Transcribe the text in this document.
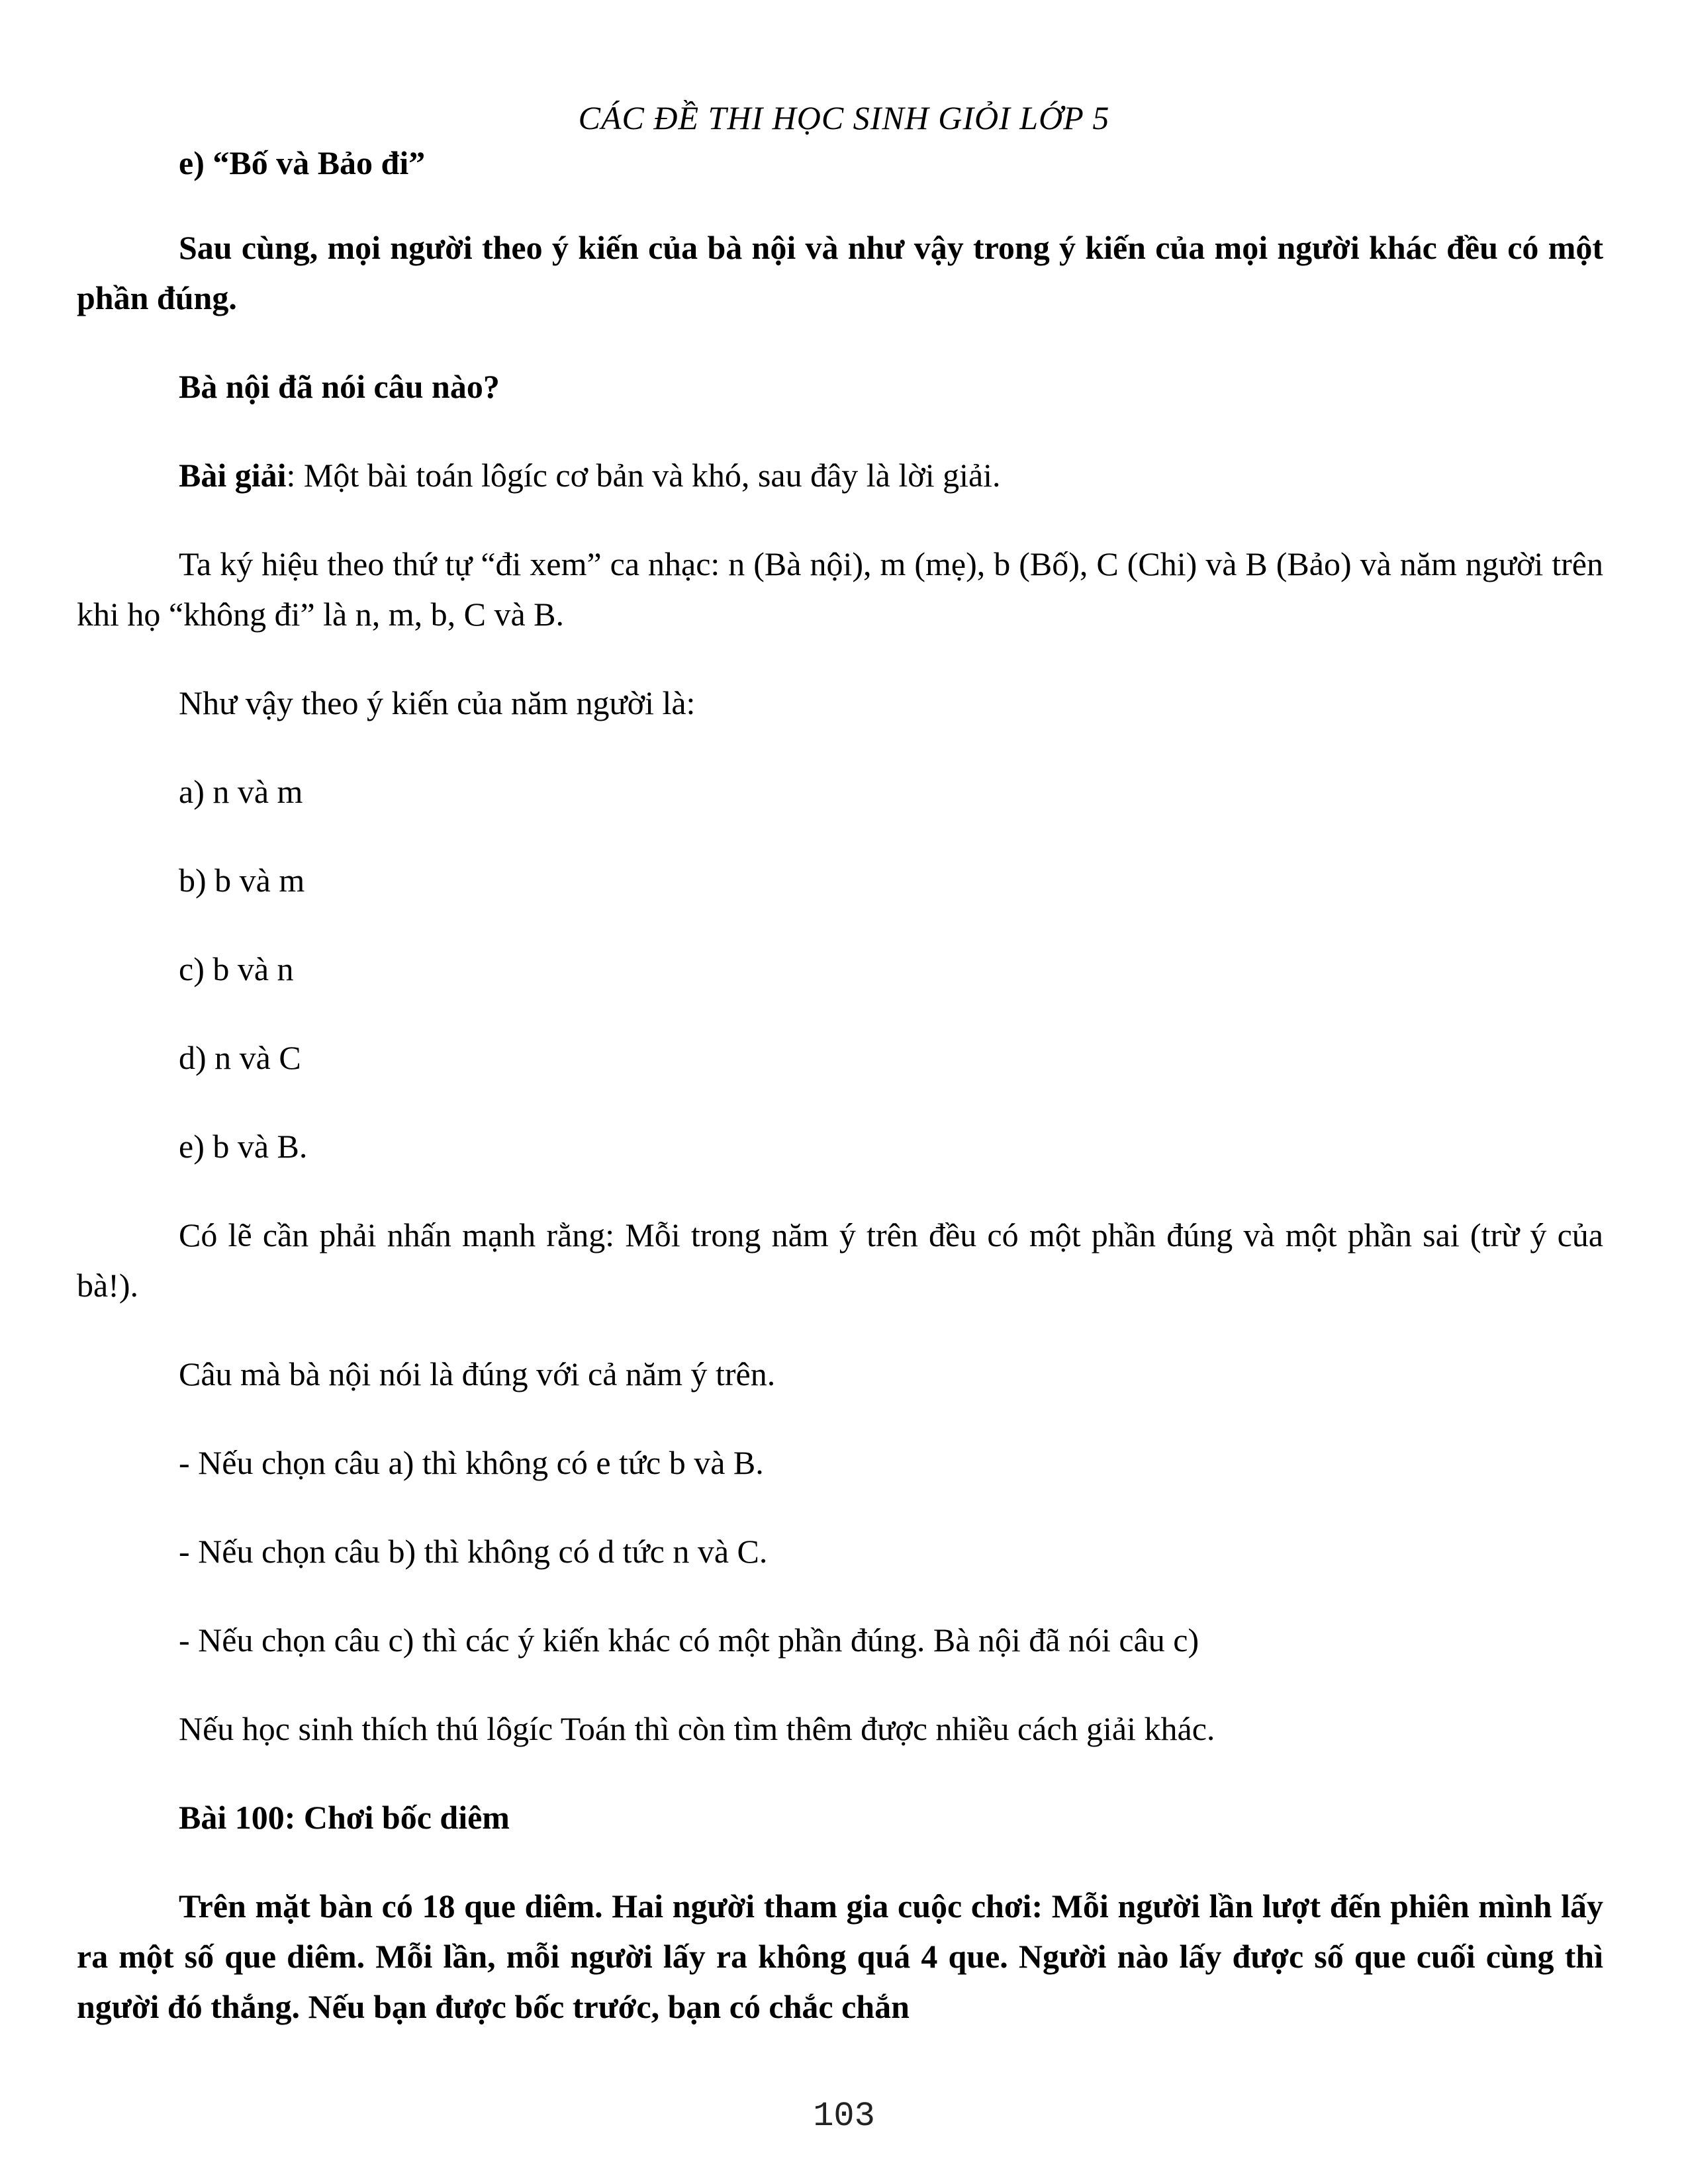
CÁC ĐỀ THI HỌC SINH GIỎI LỚP 5

e) “Bố và Bảo đi”

Sau cùng, mọi người theo ý kiến của bà nội và như vậy trong ý kiến của mọi người khác đều có một phần đúng.

Bà nội đã nói câu nào?

Bài giải: Một bài toán lôgíc cơ bản và khó, sau đây là lời giải.

Ta ký hiệu theo thứ tự “đi xem” ca nhạc: n (Bà nội), m (mẹ), b (Bố), C (Chi) và B (Bảo) và năm người trên khi họ “không đi” là n, m, b, C và B.

Như vậy theo ý kiến của năm người là:

a) n và m

b) b và m

c) b và n

d) n và C

e) b và B.

Có lẽ cần phải nhấn mạnh rằng: Mỗi trong năm ý trên đều có một phần đúng và một phần sai (trừ ý của bà!).

Câu mà bà nội nói là đúng với cả năm ý trên.

- Nếu chọn câu a) thì không có e tức b và B.

- Nếu chọn câu b) thì không có d tức n và C.

- Nếu chọn câu c) thì các ý kiến khác có một phần đúng. Bà nội đã nói câu c)

Nếu học sinh thích thú lôgíc Toán thì còn tìm thêm được nhiều cách giải khác.

Bài 100: Chơi bốc diêm

Trên mặt bàn có 18 que diêm. Hai người tham gia cuộc chơi: Mỗi người lần lượt đến phiên mình lấy ra một số que diêm. Mỗi lần, mỗi người lấy ra không quá 4 que. Người nào lấy được số que cuối cùng thì người đó thắng. Nếu bạn được bốc trước, bạn có chắc chắn

103
